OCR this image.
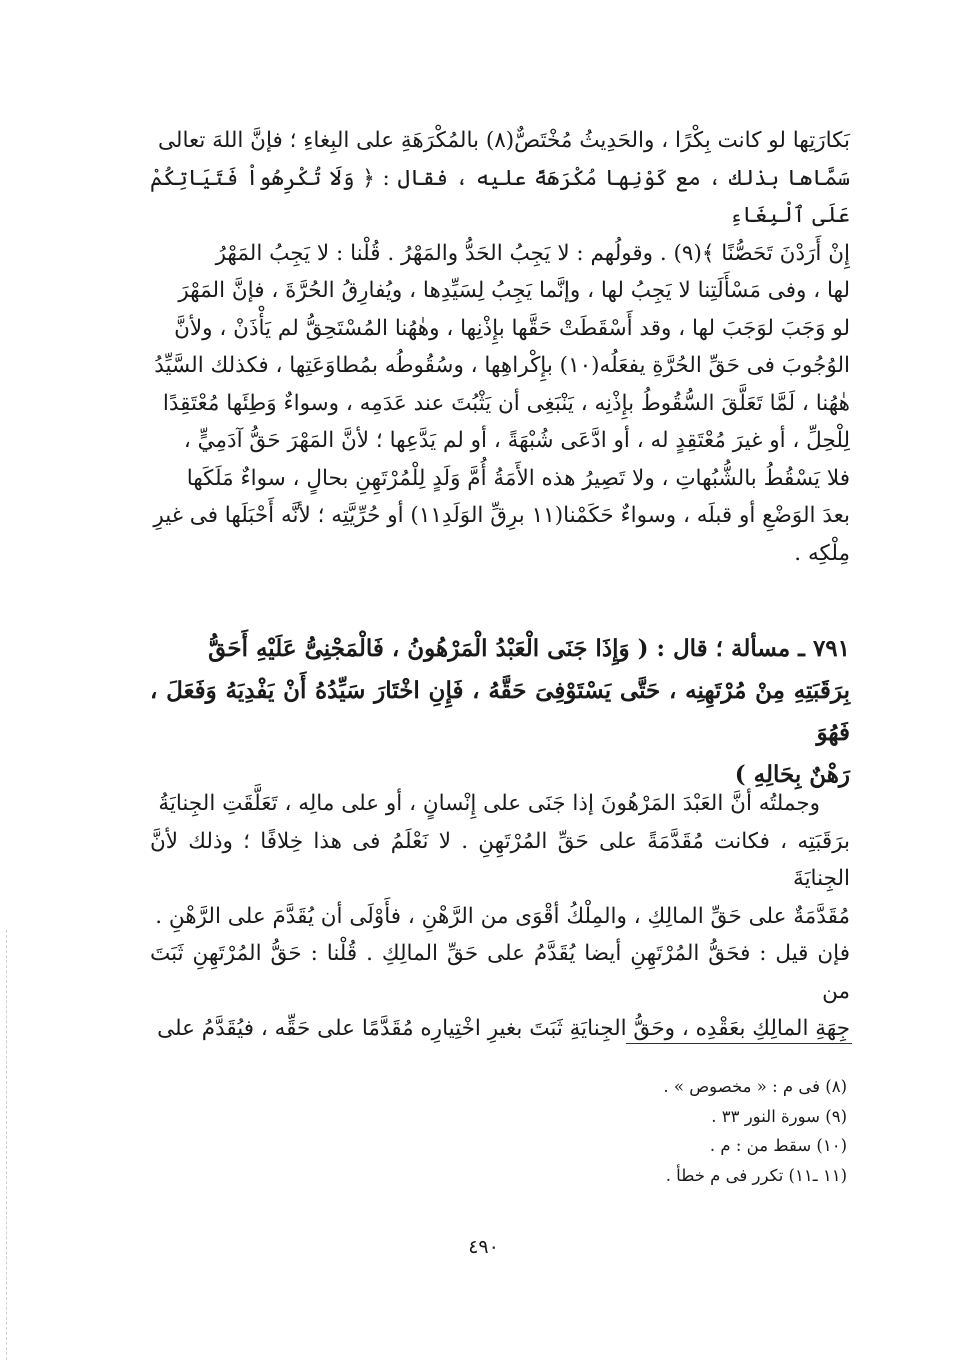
بَكارَتِها لو كانت بِكْرًا ، والحَدِيثُ مُخْتَصٌّ(٨) بالمُكْرَهَةِ على البِغاءِ ؛ فإنَّ اللهَ تعالى
سَمَّاها بذلك ، مع كَوْنِها مُكْرَهَةً عليه ، فقال : ﴿ وَلَا تُكْرِهُواْ فَتَيَاتِكُمْ عَلَى ٱلْبِغَاءِ
إِنْ أَرَدْنَ تَحَصُّنًا ﴾(٩) . وقولُهم : لا يَجِبُ الحَدُّ والمَهْرُ . قُلْنا : لا يَجِبُ المَهْرُ
لها ، وفى مَسْأَلَتِنا لا يَجِبُ لها ، وإنَّما يَجِبُ لِسَيِّدِها ، ويُفارِقُ الحُرَّةَ ، فإنَّ المَهْرَ
لو وَجَبَ لوَجَبَ لها ، وقد أَسْقَطَتْ حَقَّها بإِذْنِها ، وهٰهُنا المُسْتَحِقُّ لم يَأْذَنْ ، ولأنَّ
الوُجُوبَ فى حَقِّ الحُرَّةِ يفعَلُه(١٠) بإِكْراهِها ، وسُقُوطُه بمُطاوَعَتِها ، فكذلك السَّيِّدُ
هٰهُنا ، لَمَّا تَعَلَّقَ السُّقُوطُ بإِذْنِه ، يَنْبَغِى أن يَثْبُتَ عند عَدَمِه ، وسواءٌ وَطِئَها مُعْتَقِدًا
لِلْحِلِّ ، أو غيرَ مُعْتَقِدٍ له ، أو ادَّعَى شُبْهَةً ، أو لم يَدَّعِها ؛ لأنَّ المَهْرَ حَقُّ آدَمِيٍّ ،
فلا يَسْقُطُ بالشُّبُهاتِ ، ولا تَصِيرُ هذه الأَمَةُ أُمَّ وَلَدٍ لِلْمُرْتَهِنِ بحالٍ ، سواءٌ مَلَكَها
بعدَ الوَضْعِ أو قبلَه ، وسواءٌ حَكَمْنا(١١ برِقِّ الوَلَدِ١١) أو حُرِّيَّتِه ؛ لأنَّه أَحْبَلَها فى غيرِ
مِلْكِه .
٧٩١ ـ مسألة ؛ قال : ( وَإِذَا جَنَى الْعَبْدُ الْمَرْهُونُ ، فَالْمَجْنِىُّ عَلَيْهِ أَحَقُّ
بِرَقَبَتِهِ مِنْ مُرْتَهِنِه ، حَتَّى يَسْتَوْفِىَ حَقَّهُ ، فَإِنِ اخْتَارَ سَيِّدُهُ أَنْ يَفْدِيَهُ وَفَعَلَ ، فَهُوَ
رَهْنٌ بِحَالِهِ )
وجملتُه أنَّ العَبْدَ المَرْهُونَ إذا جَنَى على إِنْسانٍ ، أو على مالِه ، تَعَلَّقَتِ الجِنايَةُ
برَقَبَتِه ، فكانت مُقَدَّمَةً على حَقِّ المُرْتَهِنِ . لا نَعْلَمُ فى هذا خِلافًا ؛ وذلك لأنَّ الجِنايَةَ
مُقَدَّمَةٌ على حَقِّ المالِكِ ، والمِلْكُ أقْوَى من الرَّهْنِ ، فأَوْلَى أن يُقَدَّمَ على الرَّهْنِ .
فإن قيل : فحَقُّ المُرْتَهِنِ أيضا يُقَدَّمُ على حَقِّ المالِكِ . قُلْنا : حَقُّ المُرْتَهِنِ ثَبَتَ من
جِهَةِ المالِكِ بعَقْدِه ، وحَقُّ الجِنايَةِ ثَبَتَ بغيرِ اخْتِيارِه مُقَدَّمًا على حَقِّه ، فيُقَدَّمُ على
(٨) فى م : « مخصوص » .
(٩) سورة النور ٣٣ .
(١٠) سقط من : م .
(١١ ـ١١) تكرر فى م خطأ .
٤٩٠
